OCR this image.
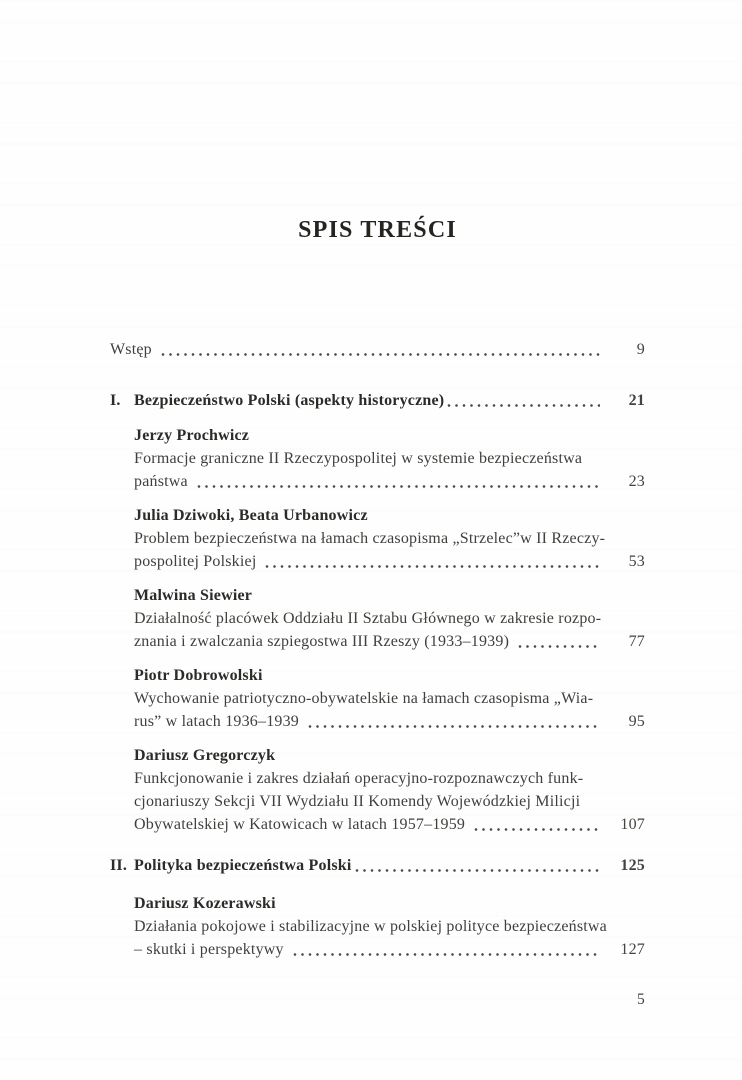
SPIS TREŚCI
Wstęp	9
I. Bezpieczeństwo Polski (aspekty historyczne)	21
Jerzy Prochwicz
Formacje graniczne II Rzeczypospolitej w systemie bezpieczeństwa
państwa	23
Julia Dziwoki, Beata Urbanowicz
Problem bezpieczeństwa na łamach czasopisma „Strzelec”w II Rzeczy-
pospolitej Polskiej	53
Malwina Siewier
Działalność placówek Oddziału II Sztabu Głównego w zakresie rozpo-
znania i zwalczania szpiegostwa III Rzeszy (1933–1939)	77
Piotr Dobrowolski
Wychowanie patriotyczno-obywatelskie na łamach czasopisma „Wia-
rus” w latach 1936–1939	95
Dariusz Gregorczyk
Funkcjonowanie i zakres działań operacyjno-rozpoznawczych funk-
cjonariuszy Sekcji VII Wydziału II Komendy Wojewódzkiej Milicji
Obywatelskiej w Katowicach w latach 1957–1959	107
II. Polityka bezpieczeństwa Polski	125
Dariusz Kozerawski
Działania pokojowe i stabilizacyjne w polskiej polityce bezpieczeństwa
– skutki i perspektywy	127
5
